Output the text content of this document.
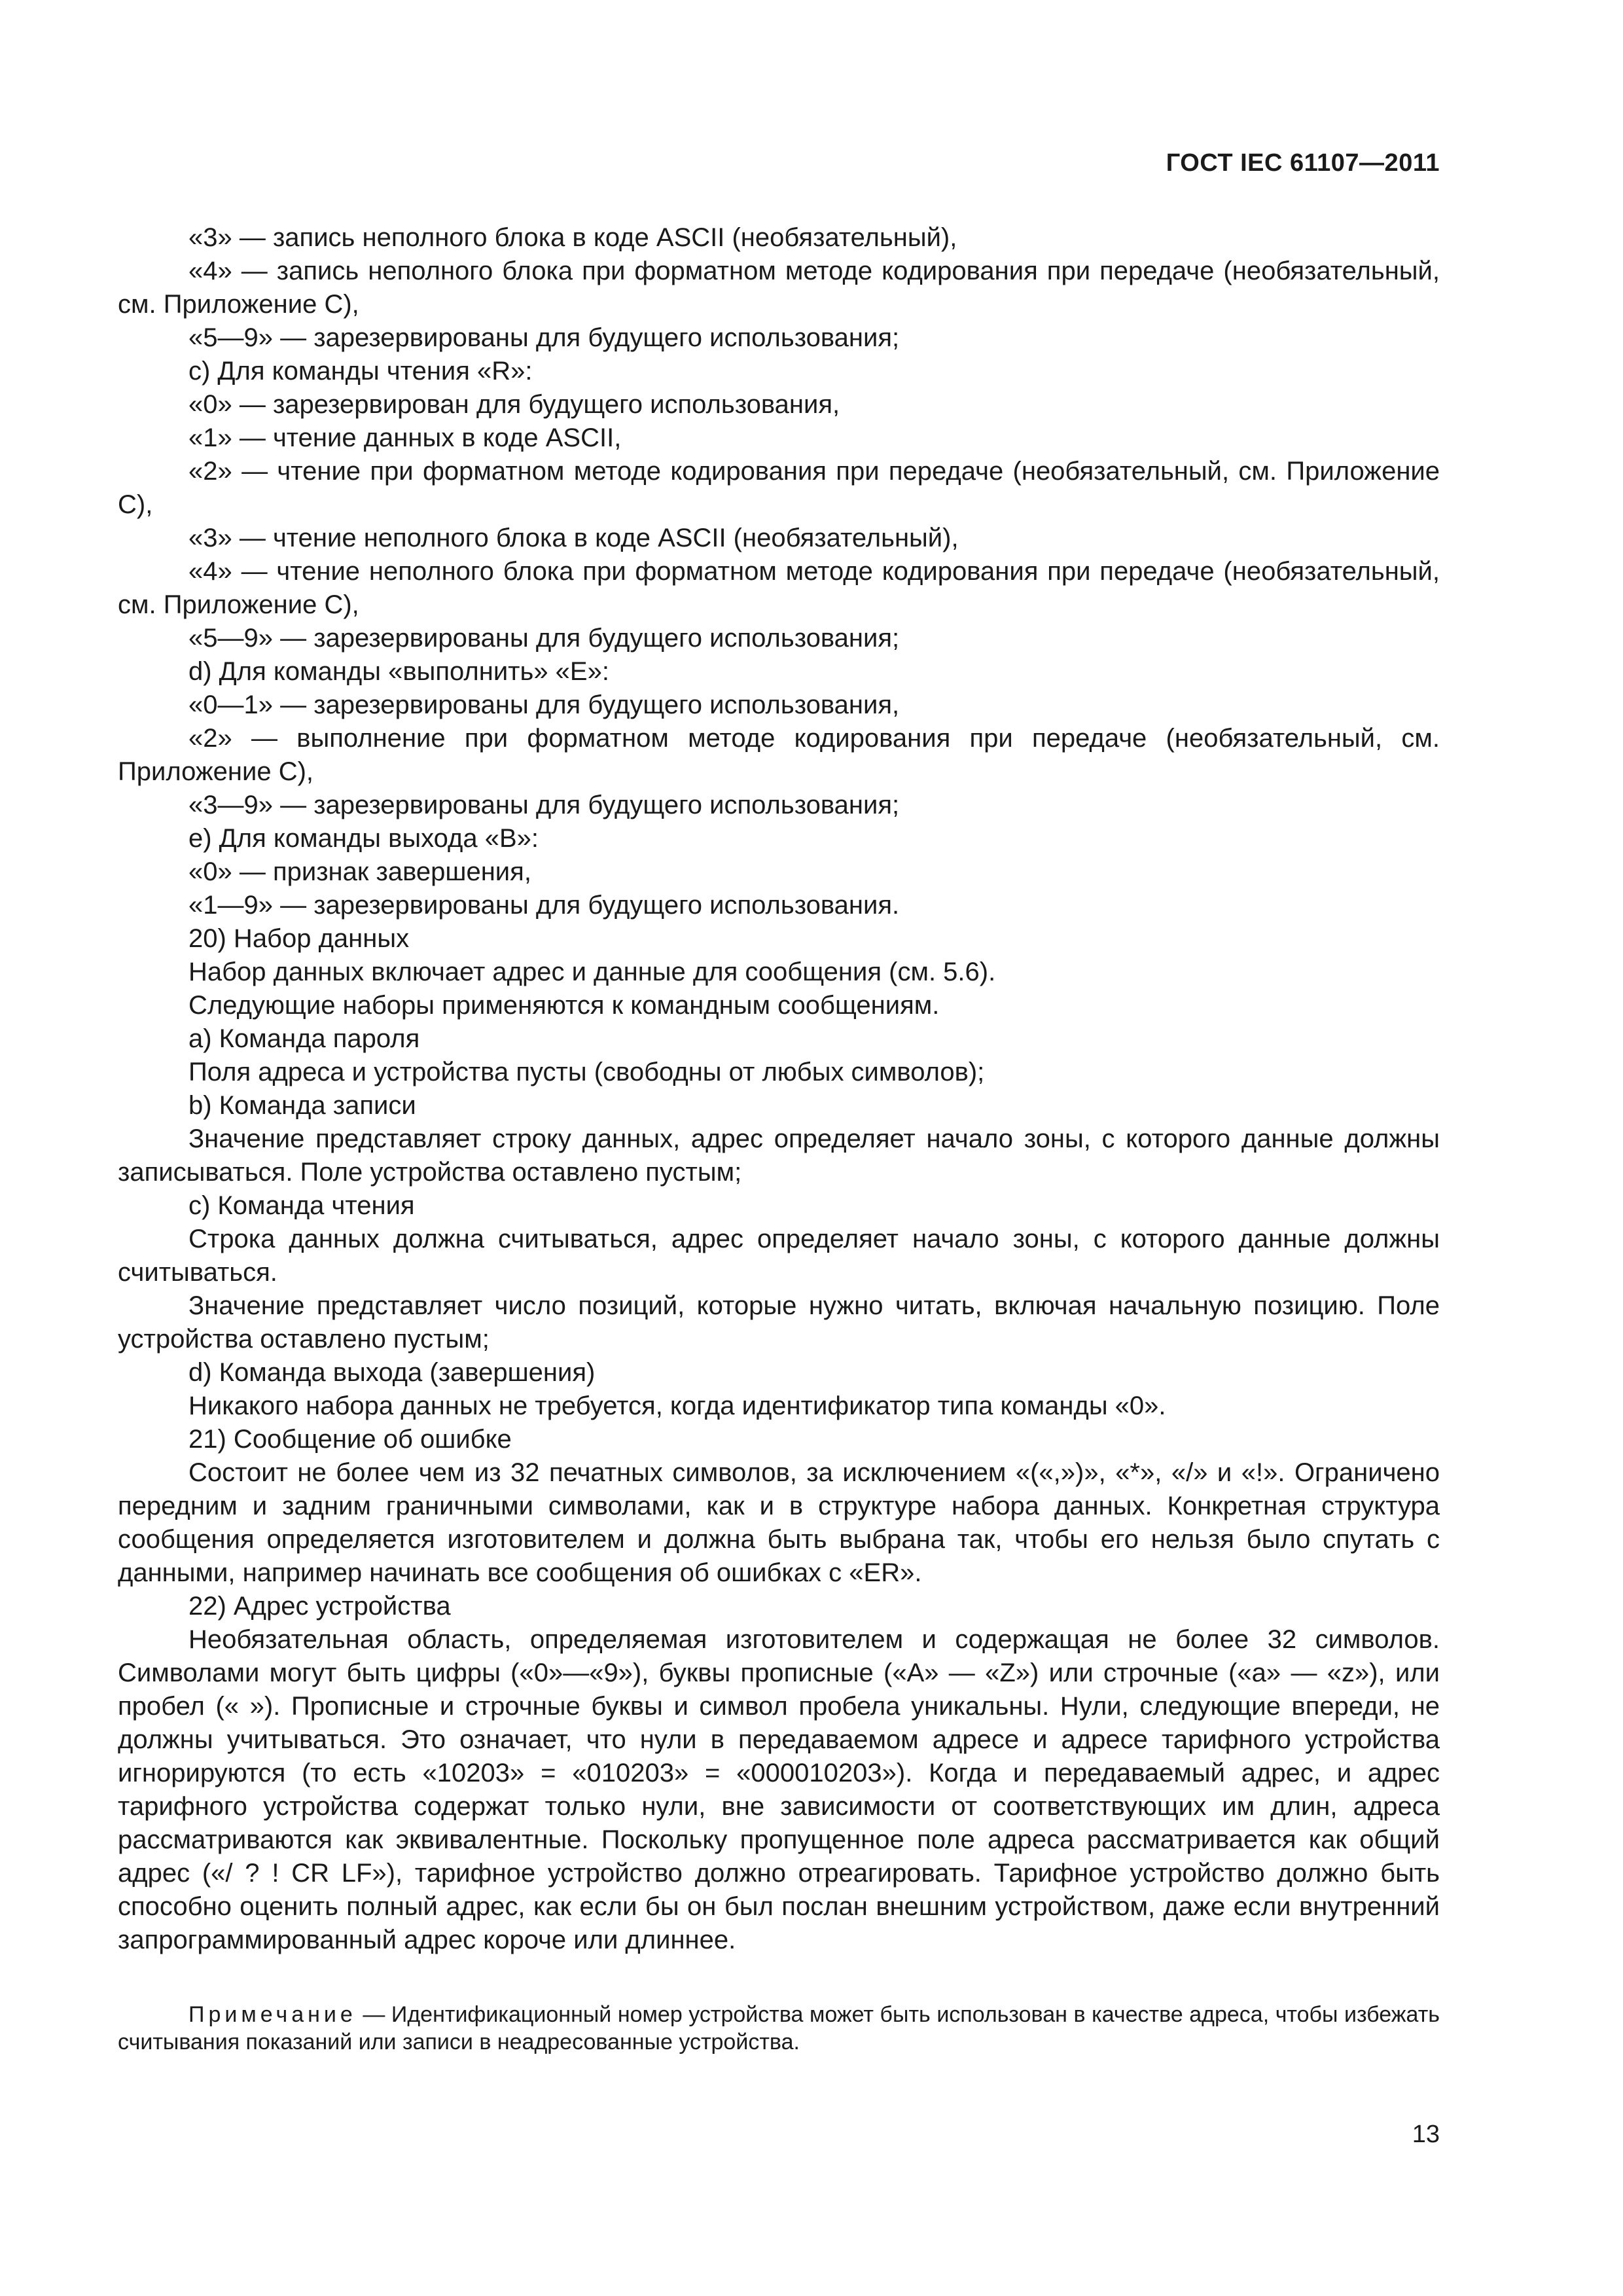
ГОСТ IEC 61107—2011

«3» — запись неполного блока в коде ASCII (необязательный),

«4» — запись неполного блока при форматном методе кодирования при передаче (необязательный, см. Приложение C),

«5—9» — зарезервированы для будущего использования;

c) Для команды чтения «R»:

«0» — зарезервирован для будущего использования,

«1» — чтение данных в коде ASCII,

«2» — чтение при форматном методе кодирования при передаче (необязательный, см. Приложение C),

«3» — чтение неполного блока в коде ASCII (необязательный),

«4» — чтение неполного блока при форматном методе кодирования при передаче (необязательный, см. Приложение C),

«5—9» — зарезервированы для будущего использования;

d) Для команды «выполнить» «E»:

«0—1» — зарезервированы для будущего использования,

«2» — выполнение при форматном методе кодирования при передаче (необязательный, см. Приложение C),

«3—9» — зарезервированы для будущего использования;

e) Для команды выхода «B»:

«0» — признак завершения,

«1—9» — зарезервированы для будущего использования.

20) Набор данных

Набор данных включает адрес и данные для сообщения (см. 5.6).

Следующие наборы применяются к командным сообщениям.

a) Команда пароля

Поля адреса и устройства пусты (свободны от любых символов);

b) Команда записи

Значение представляет строку данных, адрес определяет начало зоны, с которого данные должны записываться. Поле устройства оставлено пустым;

c) Команда чтения

Строка данных должна считываться, адрес определяет начало зоны, с которого данные должны считываться.

Значение представляет число позиций, которые нужно читать, включая начальную позицию. Поле устройства оставлено пустым;

d) Команда выхода (завершения)

Никакого набора данных не требуется, когда идентификатор типа команды «0».

21) Сообщение об ошибке

Состоит не более чем из 32 печатных символов, за исключением «(«,»)», «*», «/» и «!». Ограничено передним и задним граничными символами, как и в структуре набора данных. Конкретная структура сообщения определяется изготовителем и должна быть выбрана так, чтобы его нельзя было спутать с данными, например начинать все сообщения об ошибках с «ER».

22) Адрес устройства

Необязательная область, определяемая изготовителем и содержащая не более 32 символов. Символами могут быть цифры («0»—«9»), буквы прописные («A» — «Z») или строчные («a» — «z»), или пробел (« »). Прописные и строчные буквы и символ пробела уникальны. Нули, следующие впереди, не должны учитываться. Это означает, что нули в передаваемом адресе и адресе тарифного устройства игнорируются (то есть «10203» = «010203» = «000010203»). Когда и передаваемый адрес, и адрес тарифного устройства содержат только нули, вне зависимости от соответствующих им длин, адреса рассматриваются как эквивалентные. Поскольку пропущенное поле адреса рассматривается как общий адрес («/ ? ! CR LF»), тарифное устройство должно отреагировать. Тарифное устройство должно быть способно оценить полный адрес, как если бы он был послан внешним устройством, даже если внутренний запрограммированный адрес короче или длиннее.

Примечание — Идентификационный номер устройства может быть использован в качестве адреса, чтобы избежать считывания показаний или записи в неадресованные устройства.

13
